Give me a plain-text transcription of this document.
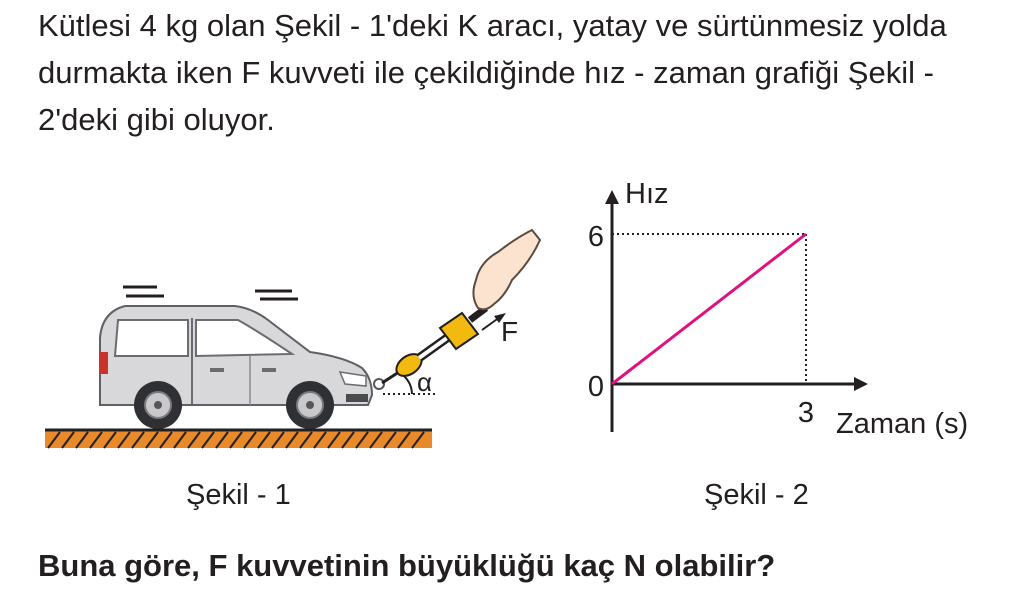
Kütlesi 4 kg olan Şekil - 1'deki K aracı, yatay ve sürtünmesiz yolda durmakta iken F kuvveti ile çekildiğinde hız - zaman grafiği Şekil - 2'deki gibi oluyor.

F
α
Şekil - 1
Hız
6
0
3 Zaman (s)
Şekil - 2

Buna göre, F kuvvetinin büyüklüğü kaç N olabilir?
